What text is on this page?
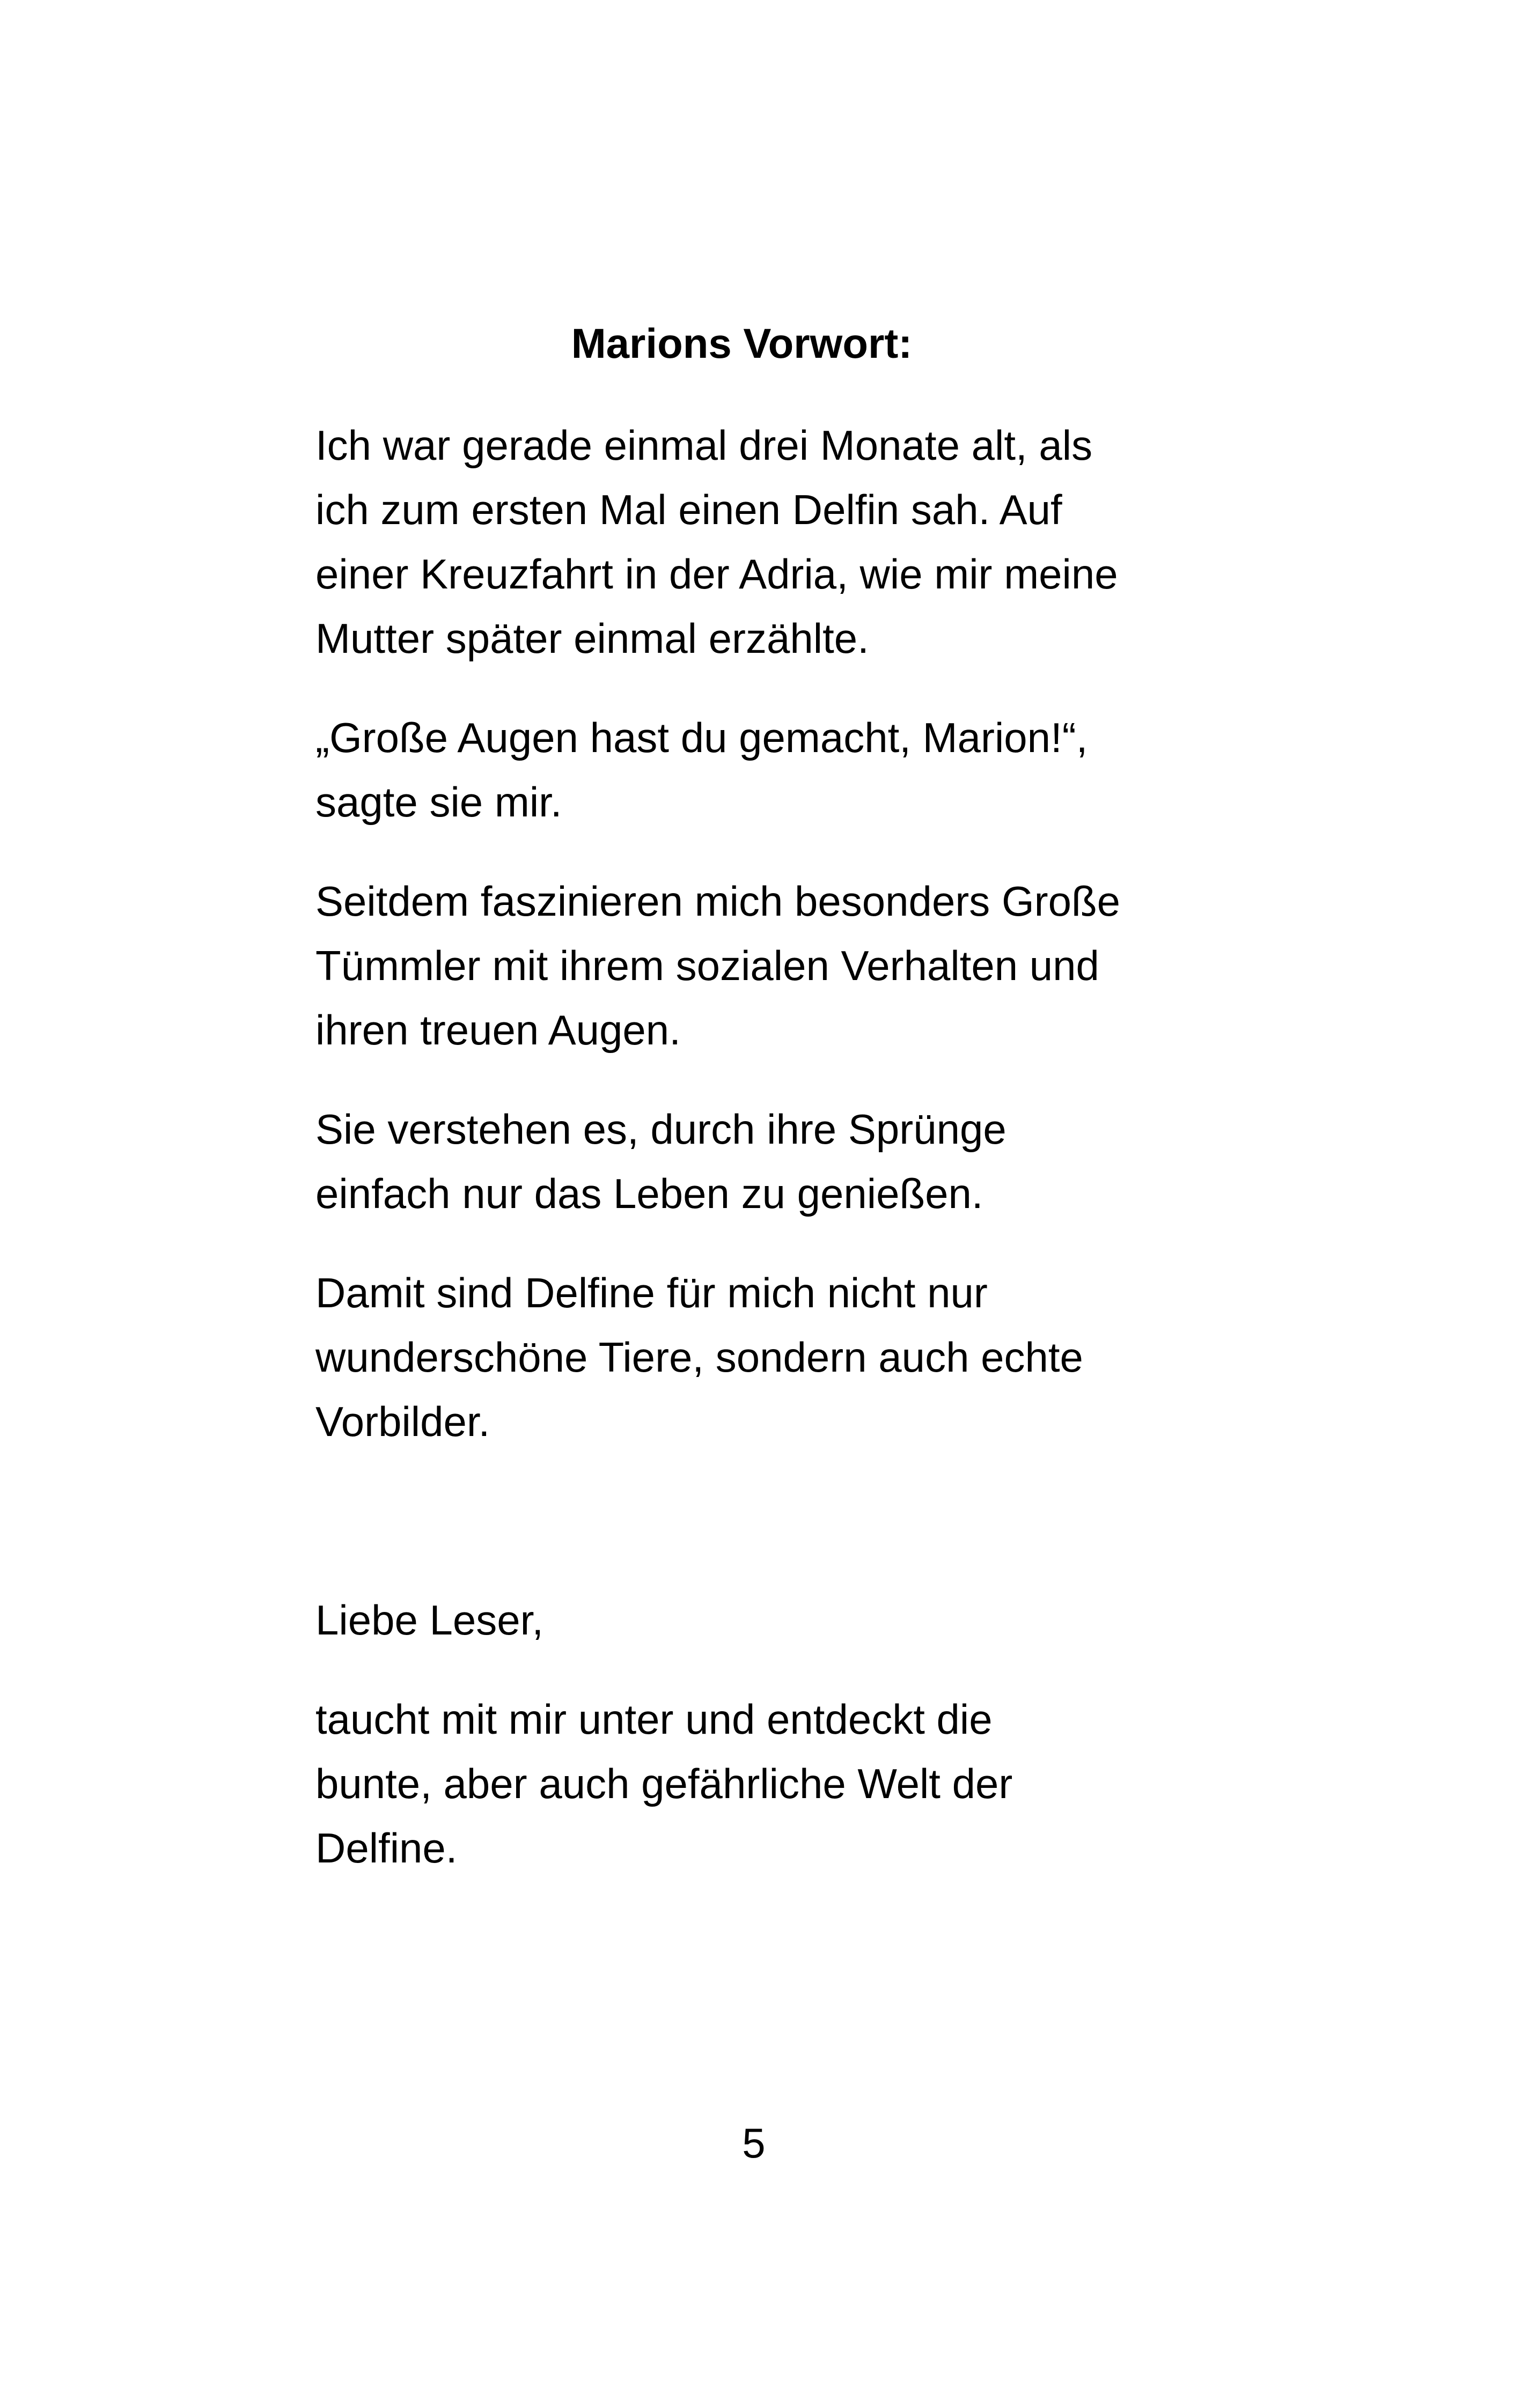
Marions Vorwort:

Ich war gerade einmal drei Monate alt, als
ich zum ersten Mal einen Delfin sah. Auf
einer Kreuzfahrt in der Adria, wie mir meine
Mutter später einmal erzählte.

„Große Augen hast du gemacht, Marion!“,
sagte sie mir.

Seitdem faszinieren mich besonders Große
Tümmler mit ihrem sozialen Verhalten und
ihren treuen Augen.

Sie verstehen es, durch ihre Sprünge
einfach nur das Leben zu genießen.

Damit sind Delfine für mich nicht nur
wunderschöne Tiere, sondern auch echte
Vorbilder.

Liebe Leser,

taucht mit mir unter und entdeckt die
bunte, aber auch gefährliche Welt der
Delfine.

5
